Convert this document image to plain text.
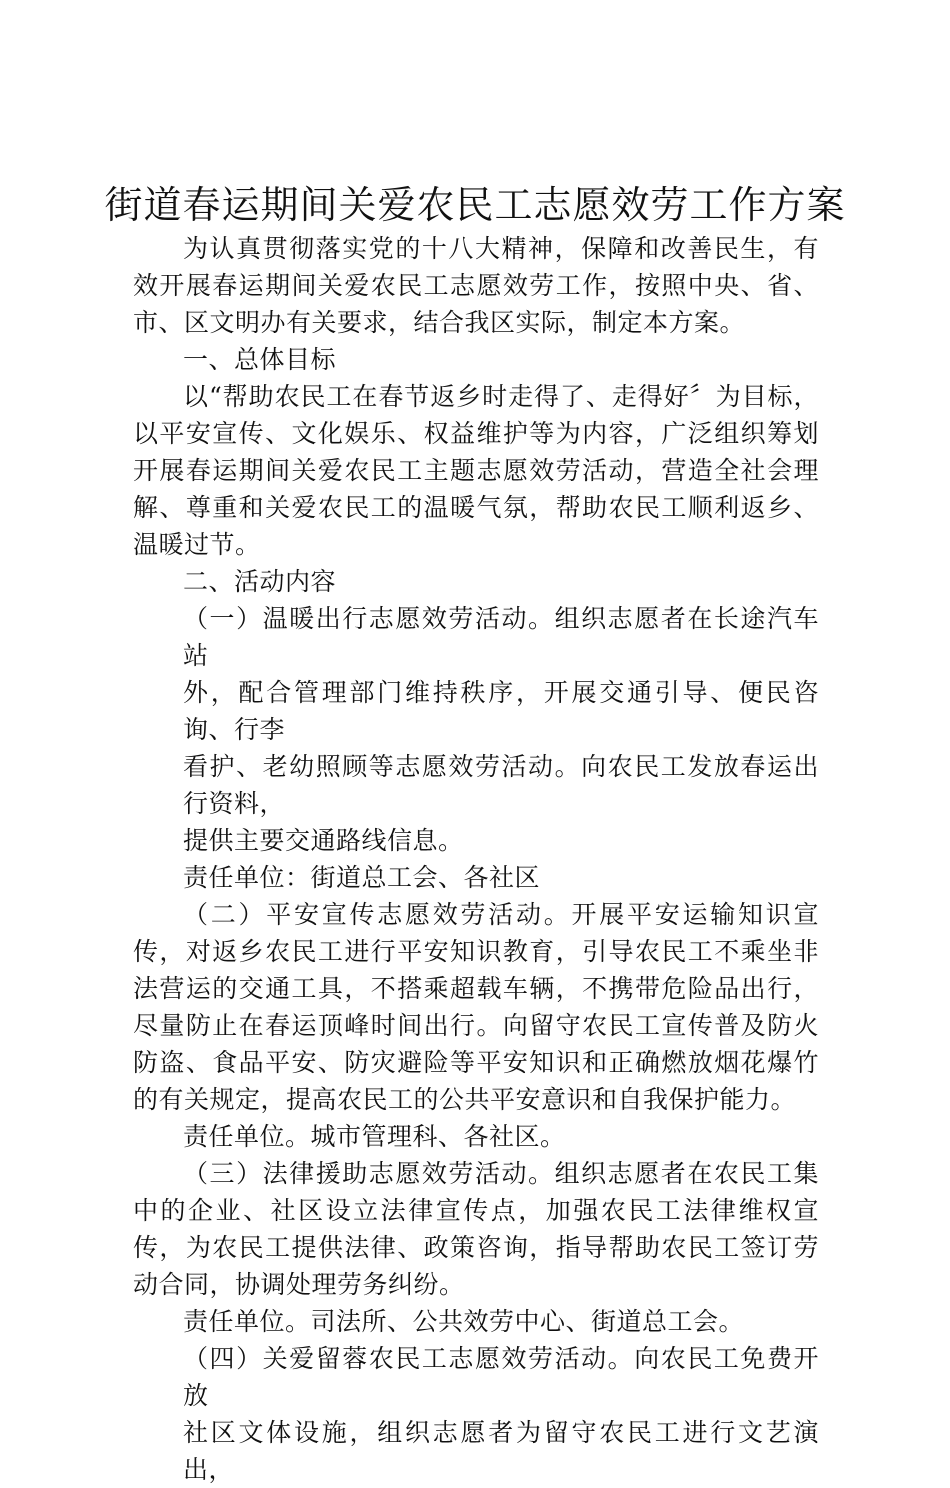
街道春运期间关爱农民工志愿效劳工作方案

为认真贯彻落实党的十八大精神，保障和改善民生，有效开展春运期间关爱农民工志愿效劳工作，按照中央、省、市、区文明办有关要求，结合我区实际，制定本方案。

一、总体目标

以“帮助农民工在春节返乡时走得了、走得好〞为目标，以平安宣传、文化娱乐、权益维护等为内容，广泛组织筹划开展春运期间关爱农民工主题志愿效劳活动，营造全社会理解、尊重和关爱农民工的温暖气氛，帮助农民工顺利返乡、温暖过节。

二、活动内容

（一）温暖出行志愿效劳活动。组织志愿者在长途汽车站

外，配合管理部门维持秩序，开展交通引导、便民咨询、行李

看护、老幼照顾等志愿效劳活动。向农民工发放春运出行资料，

提供主要交通路线信息。

责任单位：街道总工会、各社区

（二）平安宣传志愿效劳活动。开展平安运输知识宣传，对返乡农民工进行平安知识教育，引导农民工不乘坐非法营运的交通工具，不搭乘超载车辆，不携带危险品出行，尽量防止在春运顶峰时间出行。向留守农民工宣传普及防火防盗、食品平安、防灾避险等平安知识和正确燃放烟花爆竹的有关规定，提高农民工的公共平安意识和自我保护能力。

责任单位。城市管理科、各社区。

（三）法律援助志愿效劳活动。组织志愿者在农民工集中的企业、社区设立法律宣传点，加强农民工法律维权宣传，为农民工提供法律、政策咨询，指导帮助农民工签订劳动合同，协调处理劳务纠纷。

责任单位。司法所、公共效劳中心、街道总工会。

（四）关爱留蓉农民工志愿效劳活动。向农民工免费开放

社区文体设施，组织志愿者为留守农民工进行文艺演出，
